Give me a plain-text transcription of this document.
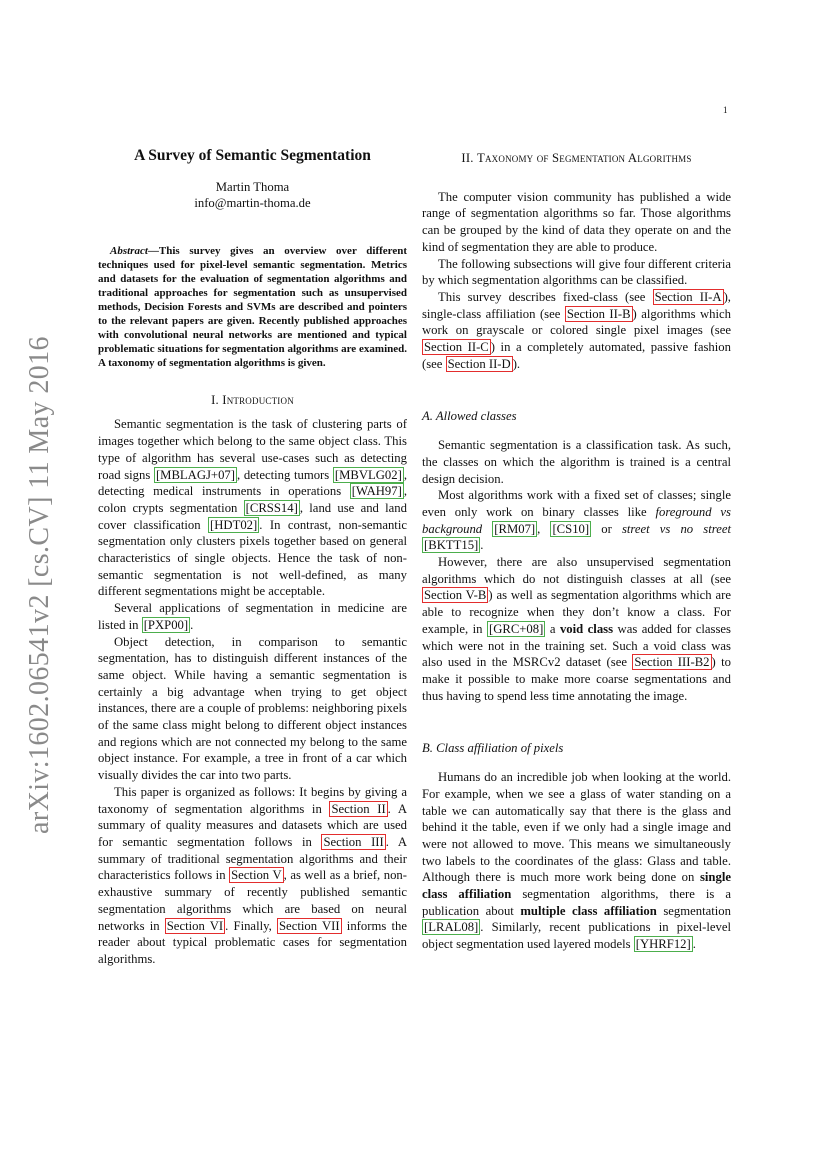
1
arXiv:1602.06541v2 [cs.CV] 11 May 2016
A Survey of Semantic Segmentation
Martin Thoma
info@martin-thoma.de
Abstract—This survey gives an overview over different techniques used for pixel-level semantic segmentation. Metrics and datasets for the evaluation of segmentation algorithms and traditional approaches for segmentation such as unsupervised methods, Decision Forests and SVMs are described and pointers to the relevant papers are given. Recently published approaches with convolutional neural networks are mentioned and typical problematic situations for segmentation algorithms are examined. A taxonomy of segmentation algorithms is given.
I. Introduction

Semantic segmentation is the task of clustering parts of images together which belong to the same object class. This type of algorithm has several use-cases such as detecting road signs [MBLAGJ+07] , detecting tumors [MBVLG02] , detecting medical instruments in operations [WAH97] , colon crypts segmentation [CRSS14] , land use and land cover classification [HDT02] . In contrast, non-semantic segmentation only clusters pixels together based on general characteristics of single objects. Hence the task of non-semantic segmentation is not well-defined, as many different segmentations might be acceptable.

Several applications of segmentation in medicine are listed in [PXP00] .

Object detection, in comparison to semantic segmentation, has to distinguish different instances of the same object. While having a semantic segmentation is certainly a big advantage when trying to get object instances, there are a couple of problems: neighboring pixels of the same class might belong to different object instances and regions which are not connected my belong to the same object instance. For example, a tree in front of a car which visually divides the car into two parts.

This paper is organized as follows: It begins by giving a taxonomy of segmentation algorithms in Section II . A summary of quality measures and datasets which are used for semantic segmentation follows in Section III . A summary of traditional segmentation algorithms and their characteristics follows in Section V , as well as a brief, non-exhaustive summary of recently published semantic segmentation algorithms which are based on neural networks in Section VI . Finally, Section VII informs the reader about typical problematic cases for segmentation algorithms.

II. Taxonomy of Segmentation Algorithms

The computer vision community has published a wide range of segmentation algorithms so far. Those algorithms can be grouped by the kind of data they operate on and the kind of segmentation they are able to produce.

The following subsections will give four different criteria by which segmentation algorithms can be classified.

This survey describes fixed-class (see Section II-A ), single-class affiliation (see Section II-B ) algorithms which work on grayscale or colored single pixel images (see Section II-C ) in a completely automated, passive fashion (see Section II-D ).

A. Allowed classes

Semantic segmentation is a classification task. As such, the classes on which the algorithm is trained is a central design decision.

Most algorithms work with a fixed set of classes; single even only work on binary classes like foreground vs background [RM07] , [CS10] or street vs no street [BKTT15] .

However, there are also unsupervised segmentation algorithms which do not distinguish classes at all (see Section V-B ) as well as segmentation algorithms which are able to recognize when they don’t know a class. For example, in [GRC+08] a void class was added for classes which were not in the training set. Such a void class was also used in the MSRCv2 dataset (see Section III-B2 ) to make it possible to make more coarse segmentations and thus having to spend less time annotating the image.

B. Class affiliation of pixels

Humans do an incredible job when looking at the world. For example, when we see a glass of water standing on a table we can automatically say that there is the glass and behind it the table, even if we only had a single image and were not allowed to move. This means we simultaneously two labels to the coordinates of the glass: Glass and table. Although there is much more work being done on single class affiliation segmentation algorithms, there is a publication about multiple class affiliation segmentation [LRAL08] . Similarly, recent publications in pixel-level object segmentation used layered models [YHRF12] .
